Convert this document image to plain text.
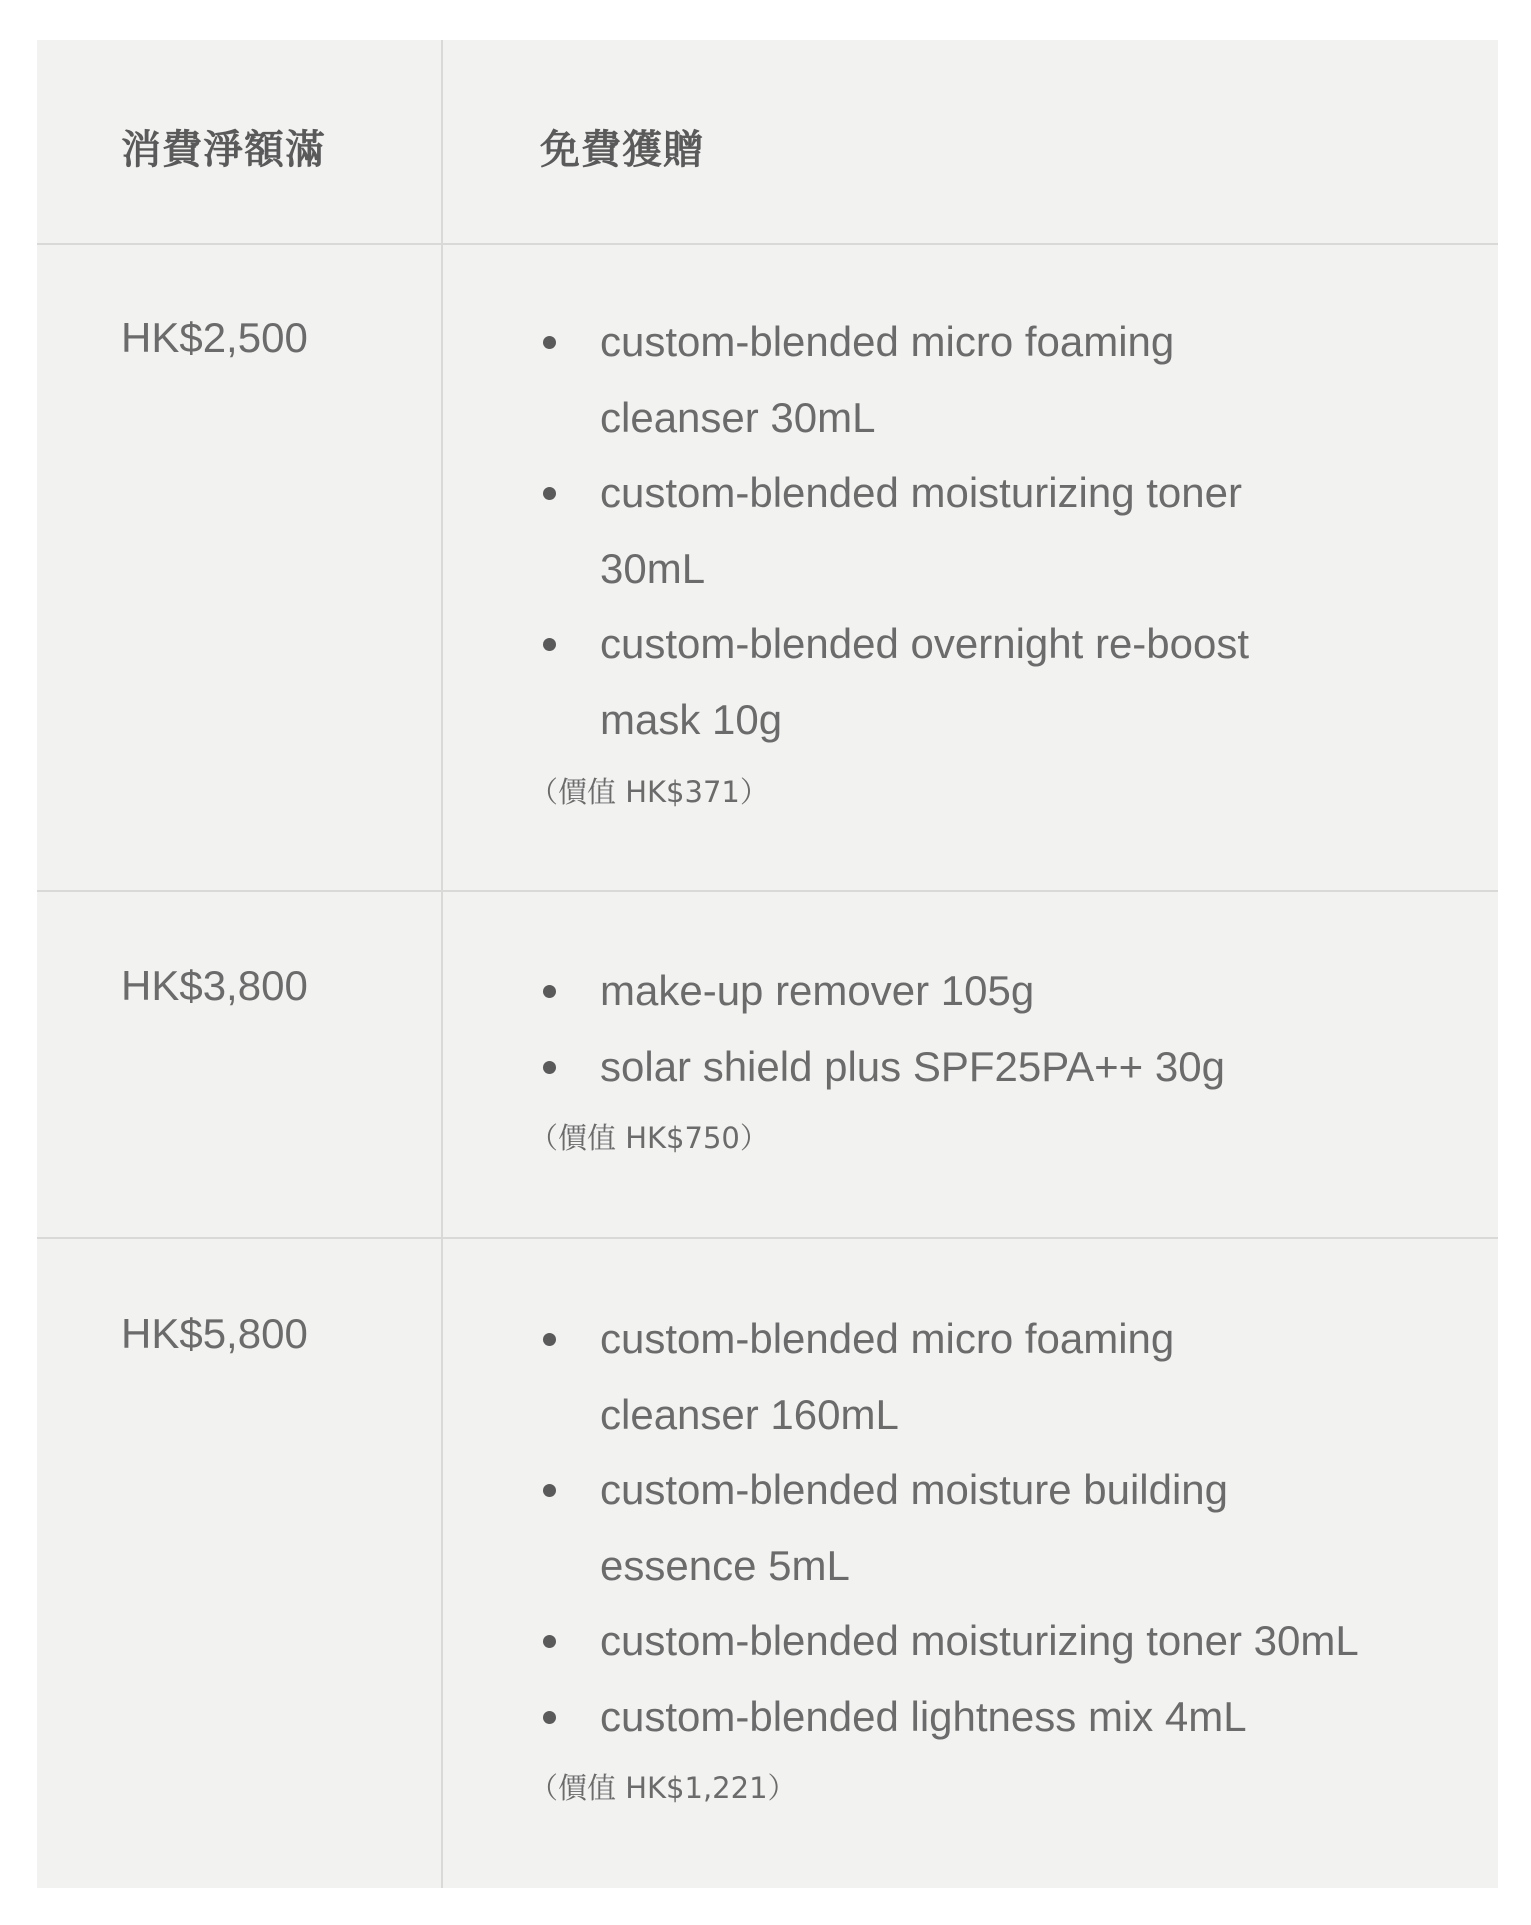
消費淨額滿	免費獲贈
HK$2,500	custom-blended micro foaming cleanser 30mL
custom-blended moisturizing toner 30mL
custom-blended overnight re-boost mask 10g
（價值 HK$371）
HK$3,800	make-up remover 105g
solar shield plus SPF25PA++ 30g
（價值 HK$750）
HK$5,800	custom-blended micro foaming cleanser 160mL
custom-blended moisture building essence 5mL
custom-blended moisturizing toner 30mL
custom-blended lightness mix 4mL
（價值 HK$1,221）
